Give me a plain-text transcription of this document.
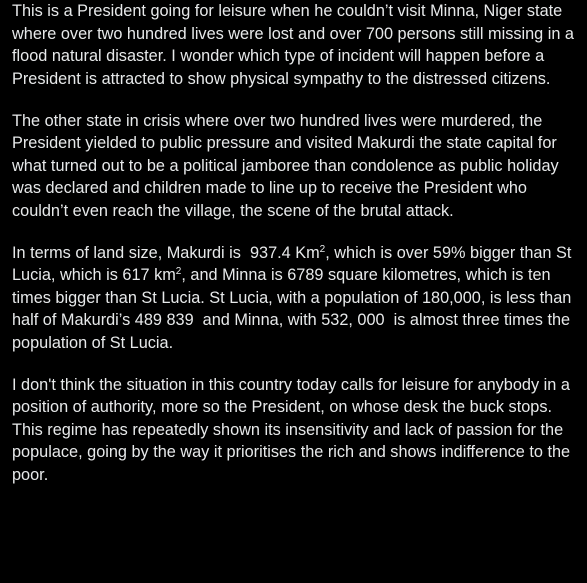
This is a President going for leisure when he couldn’t visit Minna, Niger state where over two hundred lives were lost and over 700 persons still missing in a flood natural disaster. I wonder which type of incident will happen before a President is attracted to show physical sympathy to the distressed citizens.

The other state in crisis where over two hundred lives were murdered, the President yielded to public pressure and visited Makurdi the state capital for what turned out to be a political jamboree than condolence as public holiday was declared and children made to line up to receive the President who couldn’t even reach the village, the scene of the brutal attack.

In terms of land size, Makurdi is  937.4 Km$^2$, which is over 59% bigger than St Lucia, which is 617 $km^2$, and Minna is 6789 square kilometres, which is ten times bigger than St Lucia. St Lucia, with a population of 180,000, is less than half of Makurdi’s 489 839  and Minna, with 532, 000  is almost three times the population of St Lucia.

I don't think the situation in this country today calls for leisure for anybody in a position of authority, more so the President, on whose desk the buck stops. This regime has repeatedly shown its insensitivity and lack of passion for the populace, going by the way it prioritises the rich and shows indifference to the poor.
